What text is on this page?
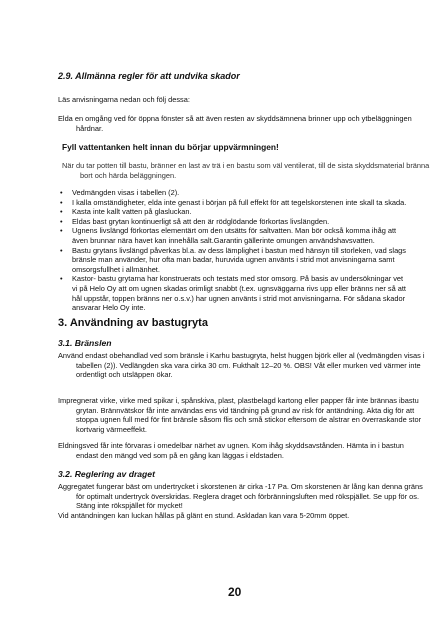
2.9. Allmänna regler för att undvika skador
Läs anvisningarna nedan och följ dessa:
Elda en omgång ved för öppna fönster så att även resten av skyddsämnena brinner upp och ytbeläggningen hårdnar.
Fyll vattentanken helt innan du börjar uppvärmningen!
När du tar potten till bastu, bränner en last av trä i en bastu som väl ventilerat, till de sista skyddsmaterial bränna bort och härda beläggningen.
• Vedmängden visas i tabellen (2).
• I kalla omständigheter, elda inte genast i början på full effekt för att tegelskorstenen inte skall ta skada.
• Kasta inte kallt vatten på glasluckan.
• Eldas bast grytan kontinuerligt så att den är rödglödande förkortas livslängden.
• Ugnens livslängd förkortas elementärt om den utsätts för saltvatten. Man bör också komma ihåg att även brunnar nära havet kan innehålla salt.Garantin gällerinte omungen användshavsvatten.
• Bastu grytans livslängd påverkas bl.a. av dess lämplighet i bastun med hänsyn till storleken, vad slags bränsle man använder, hur ofta man badar, huruvida ugnen använts i strid mot anvisningarna samt omsorgsfullhet i allmänhet.
• Kastor- bastu grytarna har konstruerats och testats med stor omsorg. På basis av undersökningar vet vi på Helo Oy att om ugnen skadas orimligt snabbt (t.ex. ugnsväggarna rivs upp eller bränns ner så att hål uppstår, toppen bränns ner o.s.v.) har ugnen använts i strid mot anvisningarna. För sådana skador ansvarar Helo Oy inte.
3. Användning av bastugryta
3.1. Bränslen
Använd endast obehandlad ved som bränsle i Karhu bastugryta, helst huggen björk eller al (vedmängden visas i tabellen (2)). Vedlängden ska vara cirka 30 cm. Fukthalt 12–20 %. OBS! Våt eller murken ved värmer inte ordentligt och utsläppen ökar.
Impregnerat virke, virke med spikar i, spånskiva, plast, plastbelagd kartong eller papper får inte brännas ibastu grytan. Brännvätskor får inte användas ens vid tändning på grund av risk för antändning. Akta dig för att stoppa ugnen full med för fint bränsle såsom flis och små stickor eftersom de alstrar en överraskande stor kortvarig värmeeffekt.
Eldningsved får inte förvaras i omedelbar närhet av ugnen. Kom ihåg skyddsavstånden. Hämta in i bastun endast den mängd ved som på en gång kan läggas i eldstaden.
3.2. Reglering av draget
Aggregatet fungerar bäst om undertrycket i skorstenen är cirka -17 Pa. Om skorstenen är lång kan denna gräns för optimalt undertryck överskridas. Reglera draget och förbränningsluften med rökspjället. Se upp för os. Stäng inte rökspjället för mycket!
Vid antändningen kan luckan hållas på glänt en stund. Askladan kan vara 5-20mm öppet.
20
